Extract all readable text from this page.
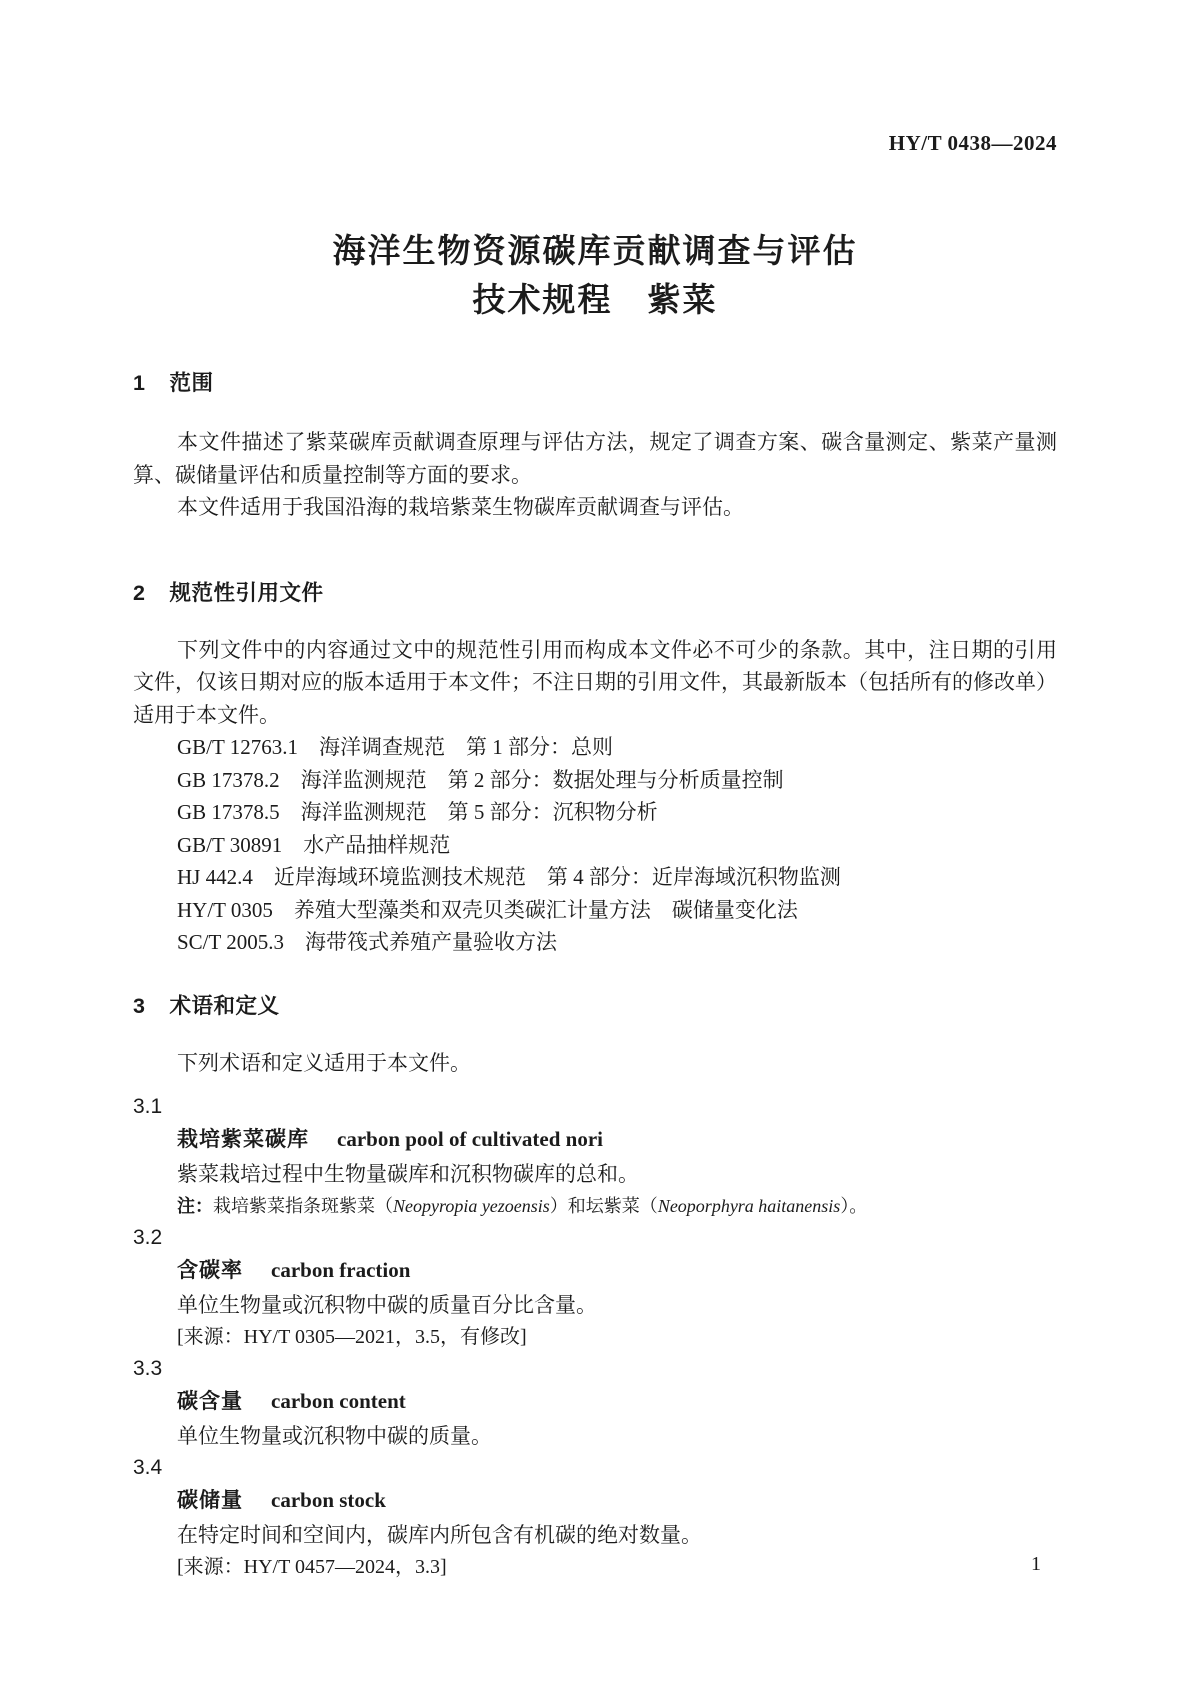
HY/T 0438—2024
海洋生物资源碳库贡献调查与评估
技术规程　紫菜
1 范围

本文件描述了紫菜碳库贡献调查原理与评估方法，规定了调查方案、碳含量测定、紫菜产量测算、碳储量评估和质量控制等方面的要求。

本文件适用于我国沿海的栽培紫菜生物碳库贡献调查与评估。

2 规范性引用文件

下列文件中的内容通过文中的规范性引用而构成本文件必不可少的条款。其中，注日期的引用文件，仅该日期对应的版本适用于本文件；不注日期的引用文件，其最新版本（包括所有的修改单）适用于本文件。

GB/T 12763.1　海洋调查规范　第 1 部分：总则
GB 17378.2　海洋监测规范　第 2 部分：数据处理与分析质量控制
GB 17378.5　海洋监测规范　第 5 部分：沉积物分析
GB/T 30891　水产品抽样规范
HJ 442.4　近岸海域环境监测技术规范　第 4 部分：近岸海域沉积物监测
HY/T 0305　养殖大型藻类和双壳贝类碳汇计量方法　碳储量变化法
SC/T 2005.3　海带筏式养殖产量验收方法
3 术语和定义

下列术语和定义适用于本文件。

3.1

栽培紫菜碳库 carbon pool of cultivated nori

紫菜栽培过程中生物量碳库和沉积物碳库的总和。

注：栽培紫菜指条斑紫菜（Neopyropia yezoensis）和坛紫菜（Neoporphyra haitanensis）。

3.2

含碳率 carbon fraction

单位生物量或沉积物中碳的质量百分比含量。

[来源：HY/T 0305—2021，3.5，有修改]

3.3

碳含量 carbon content

单位生物量或沉积物中碳的质量。

3.4

碳储量 carbon stock

在特定时间和空间内，碳库内所包含有机碳的绝对数量。

[来源：HY/T 0457—2024，3.3]	1
